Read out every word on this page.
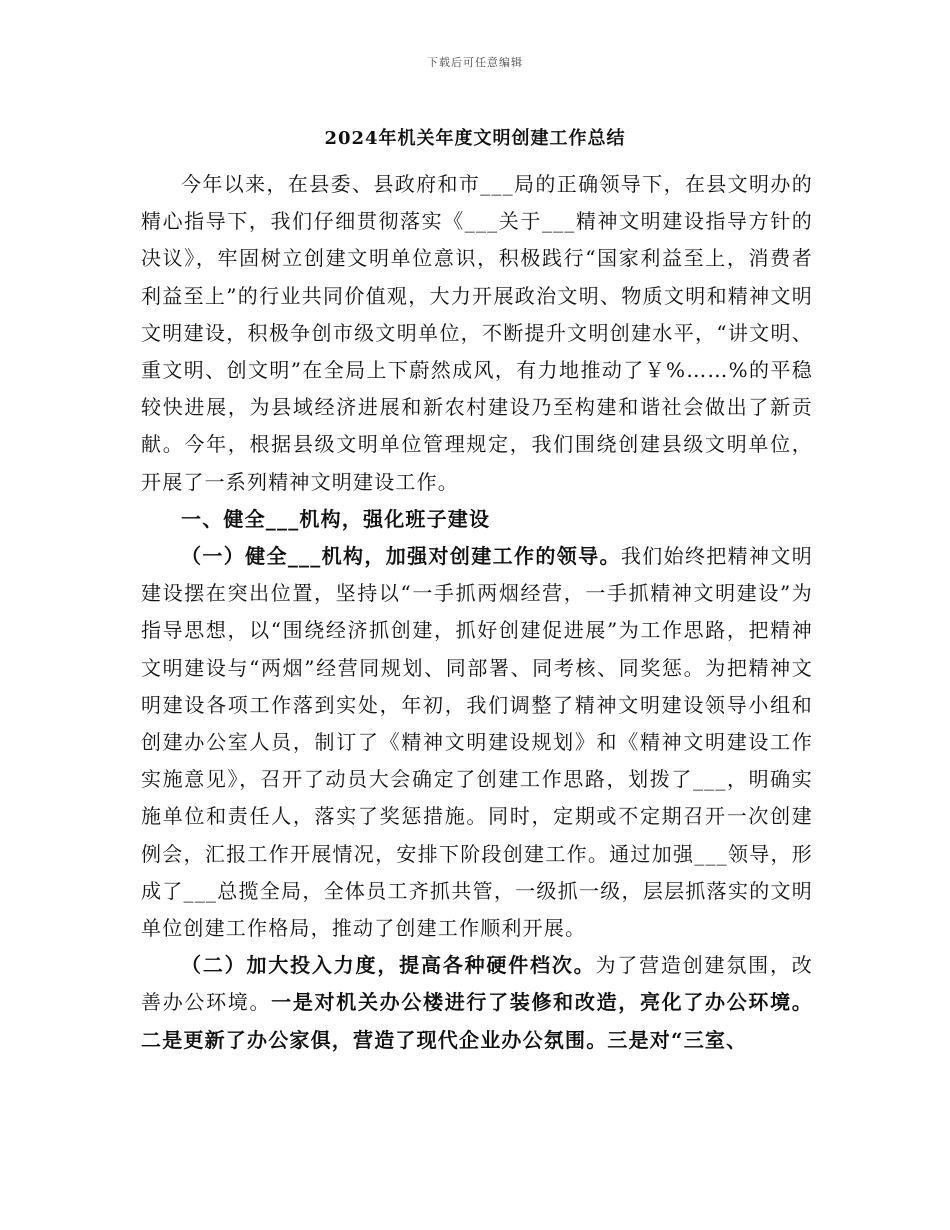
下载后可任意编辑
2024年机关年度文明创建工作总结

今年以来，在县委、县政府和市___局的正确领导下，在县文明办的精心指导下，我们仔细贯彻落实《___关于___精神文明建设指导方针的决议》，牢固树立创建文明单位意识，积极践行“国家利益至上，消费者利益至上”的行业共同价值观，大力开展政治文明、物质文明和精神文明文明建设，积极争创市级文明单位，不断提升文明创建水平，“讲文明、重文明、创文明”在全局上下蔚然成风，有力地推动了￥%……%的平稳较快进展，为县域经济进展和新农村建设乃至构建和谐社会做出了新贡献。今年，根据县级文明单位管理规定，我们围绕创建县级文明单位，开展了一系列精神文明建设工作。

一、健全___机构，强化班子建设

（一）健全___机构，加强对创建工作的领导。我们始终把精神文明建设摆在突出位置，坚持以“一手抓两烟经营，一手抓精神文明建设”为指导思想，以“围绕经济抓创建，抓好创建促进展”为工作思路，把精神文明建设与“两烟”经营同规划、同部署、同考核、同奖惩。为把精神文明建设各项工作落到实处，年初，我们调整了精神文明建设领导小组和创建办公室人员，制订了《精神文明建设规划》和《精神文明建设工作实施意见》，召开了动员大会确定了创建工作思路，划拨了___，明确实施单位和责任人，落实了奖惩措施。同时，定期或不定期召开一次创建例会，汇报工作开展情况，安排下阶段创建工作。通过加强___领导，形成了___总揽全局，全体员工齐抓共管，一级抓一级，层层抓落实的文明单位创建工作格局，推动了创建工作顺利开展。

（二）加大投入力度，提高各种硬件档次。为了营造创建氛围，改善办公环境。一是对机关办公楼进行了装修和改造，亮化了办公环境。二是更新了办公家俱，营造了现代企业办公氛围。三是对“三室、
